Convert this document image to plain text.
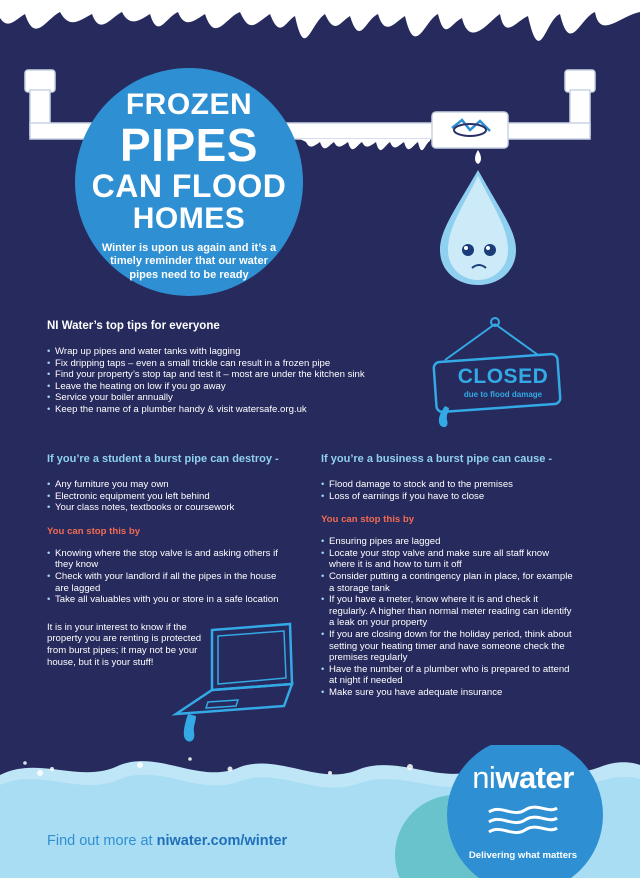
FROZEN
PIPES
CAN FLOOD
HOMES
Winter is upon us again and it’s a timely reminder that our water pipes need to be ready

NI Water’s top tips for everyone

• Wrap up pipes and water tanks with lagging
• Fix dripping taps – even a small trickle can result in a frozen pipe
• Find your property’s stop tap and test it – most are under the kitchen sink
• Leave the heating on low if you go away
• Service your boiler annually
• Keep the name of a plumber handy & visit watersafe.org.uk
CLOSED
due to flood damage

If you’re a student a burst pipe can destroy -

• Any furniture you may own
• Electronic equipment you left behind
• Your class notes, textbooks or coursework

You can stop this by

• Knowing where the stop valve is and asking others if they know
• Check with your landlord if all the pipes in the house are lagged
• Take all valuables with you or store in a safe location

It is in your interest to know if the property you are renting is protected from burst pipes; it may not be your house, but it is your stuff!

If you’re a business a burst pipe can cause -

• Flood damage to stock and to the premises
• Loss of earnings if you have to close

You can stop this by

• Ensuring pipes are lagged
• Locate your stop valve and make sure all staff know where it is and how to turn it off
• Consider putting a contingency plan in place, for example a storage tank
• If you have a meter, know where it is and check it regularly. A higher than normal meter reading can identify a leak on your property
• If you are closing down for the holiday period, think about setting your heating timer and have someone check the premises regularly
• Have the number of a plumber who is prepared to attend at night if needed
• Make sure you have adequate insurance
Find out more at niwater.com/winter
niwater
Delivering what matters
